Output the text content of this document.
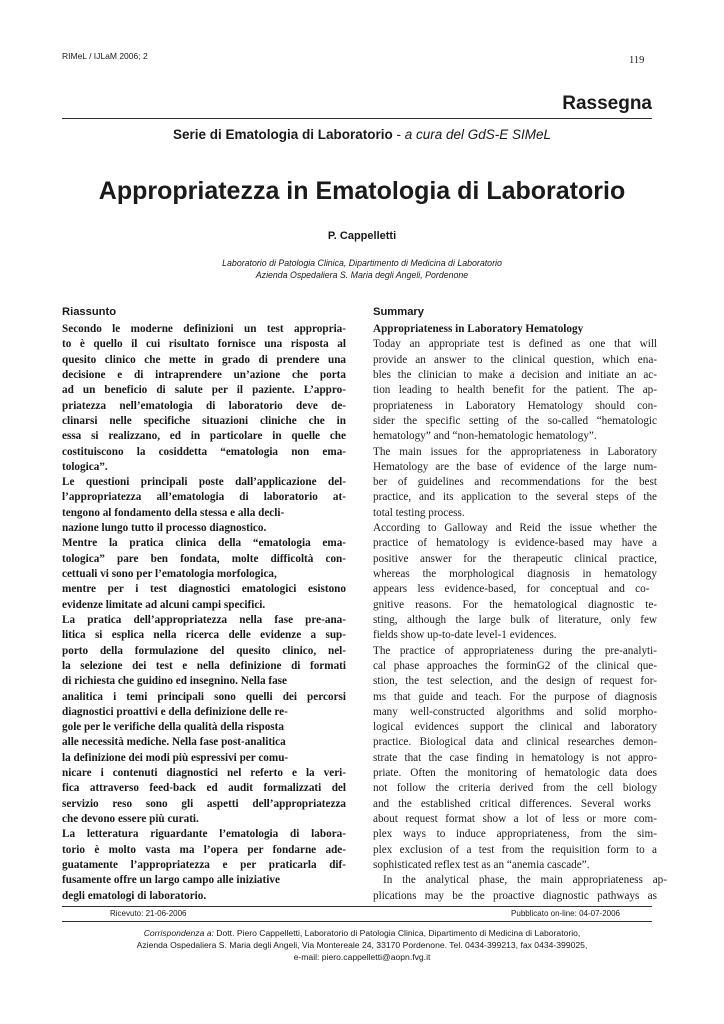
RIMeL / IJLaM 2006; 2	119
Rassegna
Serie di Ematologia di Laboratorio - a cura del GdS-E SIMeL
Appropriatezza in Ematologia di Laboratorio
P. Cappelletti
Laboratorio di Patologia Clinica, Dipartimento di Medicina di Laboratorio
Azienda Ospedaliera S. Maria degli Angeli, Pordenone
Riassunto
Secondo le moderne definizioni un test appropria-
to è quello il cui risultato fornisce una risposta al
quesito clinico che mette in grado di prendere una
decisione e di intraprendere un’azione che porta
ad un beneficio di salute per il paziente. L’appro-
priatezza nell’ematologia di laboratorio deve de-
clinarsi nelle specifiche situazioni cliniche che in
essa si realizzano, ed in particolare in quelle che
costituiscono la cosiddetta “ematologia non ema-
tologica”.
Le questioni principali poste dall’applicazione del-
l’appropriatezza all’ematologia di laboratorio at-
tengono al fondamento della stessa e alla decli-
nazione lungo tutto il processo diagnostico.
Mentre la pratica clinica della “ematologia ema-
tologica” pare ben fondata, molte difficoltà con-
cettuali vi sono per l’ematologia morfologica,
mentre per i test diagnostici ematologici esistono
evidenze limitate ad alcuni campi specifici.
La pratica dell’appropriatezza nella fase pre-ana-
litica si esplica nella ricerca delle evidenze a sup-
porto della formulazione del quesito clinico, nel-
la selezione dei test e nella definizione di formati
di richiesta che guidino ed insegnino. Nella fase
analitica i temi principali sono quelli dei percorsi
diagnostici proattivi e della definizione delle re-
gole per le verifiche della qualità della risposta
alle necessità mediche. Nella fase post-analitica
la definizione dei modi più espressivi per comu-
nicare i contenuti diagnostici nel referto e la veri-
fica attraverso feed-back ed audit formalizzati del
servizio reso sono gli aspetti dell’appropriatezza
che devono essere più curati.
La letteratura riguardante l’ematologia di labora-
torio è molto vasta ma l’opera per fondarne ade-
guatamente l’appropriatezza e per praticarla dif-
fusamente offre un largo campo alle iniziative
degli ematologi di laboratorio.
Summary
Appropriateness in Laboratory Hematology
Today an appropriate test is defined as one that will
provide an answer to the clinical question, which ena-
bles the clinician to make a decision and initiate an ac-
tion leading to health benefit for the patient. The ap-
propriateness in Laboratory Hematology should con-
sider the specific setting of the so-called “hematologic
hematology” and “non-hematologic hematology”.
The main issues for the appropriateness in Laboratory
Hematology are the base of evidence of the large num-
ber of guidelines and recommendations for the best
practice, and its application to the several steps of the
total testing process.
According to Galloway and Reid the issue whether the
practice of hematology is evidence-based may have a
positive answer for the therapeutic clinical practice,
whereas the morphological diagnosis in hematology
appears less evidence-based, for conceptual and co-
gnitive reasons. For the hematological diagnostic te-
sting, although the large bulk of literature, only few
fields show up-to-date level-1 evidences.
The practice of appropriateness during the pre-analyti-
cal phase approaches the forminG2 of the clinical que-
stion, the test selection, and the design of request for-
ms that guide and teach. For the purpose of diagnosis
many well-constructed algorithms and solid morpho-
logical evidences support the clinical and laboratory
practice. Biological data and clinical researches demon-
strate that the case finding in hematology is not appro-
priate. Often the monitoring of hematologic data does
not follow the criteria derived from the cell biology
and the established critical differences. Several works
about request format show a lot of less or more com-
plex ways to induce appropriateness, from the sim-
plex exclusion of a test from the requisition form to a
sophisticated reflex test as an “anemia cascade”.
In the analytical phase, the main appropriateness ap-
plications may be the proactive diagnostic pathways as
Ricevuto: 21-06-2006	Pubblicato on-line: 04-07-2006
Corrispondenza a: Dott. Piero Cappelletti, Laboratorio di Patologia Clinica, Dipartimento di Medicina di Laboratorio,
Azienda Ospedaliera S. Maria degli Angeli, Via Montereale 24, 33170 Pordenone. Tel. 0434-399213, fax 0434-399025,
e-mail: piero.cappelletti@aopn.fvg.it
